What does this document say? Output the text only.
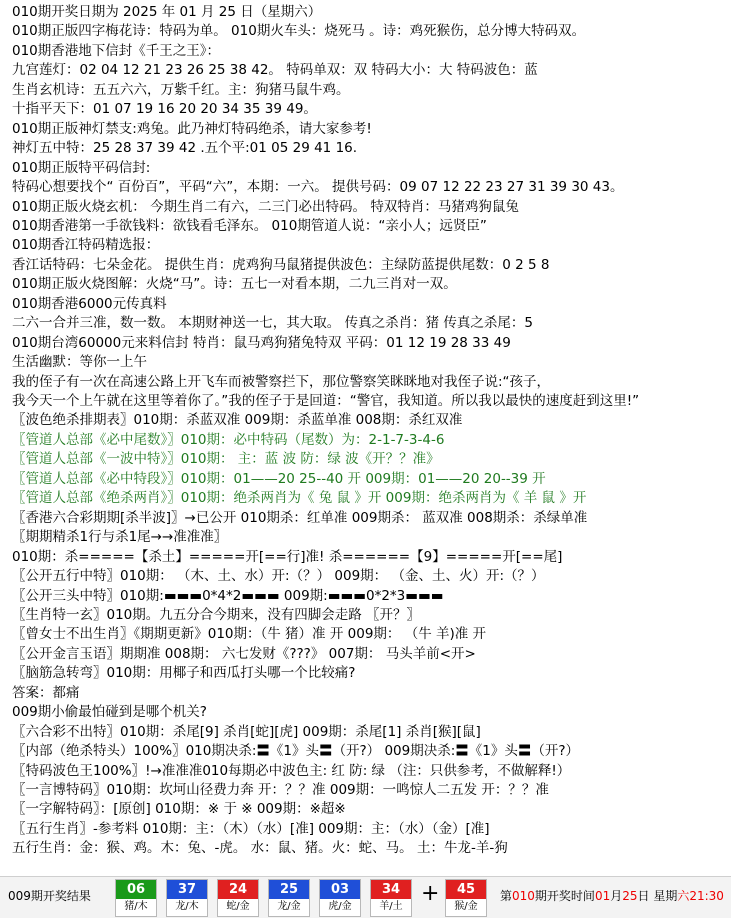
010期开奖日期为 2025 年 01 月 25 日（星期六）
010期正版四字梅花诗：特码为单。 010期火车头：烧死马 。诗：鸡死猴伤，总分博大特码双。
010期香港地下信封《千王之王》：
九宫莲灯：02 04 12 21 23 26 25 38 42。 特码单双：双 特码大小：大 特码波色：蓝
生肖玄机诗：五五六六，万紫千红。主：狗猪马鼠牛鸡。
十指平天下：01 07 19 16 20 20 34 35 39 49。
010期正版神灯禁支:鸡兔。此乃神灯特码绝杀，请大家参考!
神灯五中特：25 28 37 39 42 .五个平:01 05 29 41 16.
010期正版特平码信封:
特码心想要找个“ 百份百”，平码“六”，本期：一六。 提供号码：09 07 12 22 23 27 31 39 30 43。
010期正版火烧玄机： 今期生肖二有六，二三门必出特码。 特双特肖：马猪鸡狗鼠兔
010期香港第一手欲钱料：欲钱看毛泽东。 010期管道人说：“亲小人；远贤臣”
010期香江特码精选报：
香江话特码：七朵金花。 提供生肖：虎鸡狗马鼠猪提供波色：主绿防蓝提供尾数：0 2 5 8
010期正版火烧图解：火烧“马”。诗：五七一对看本期，二九三肖对一双。
010期香港6000元传真料
二六一合并三准，数一数。 本期财神送一七，其大取。 传真之杀肖：猪 传真之杀尾：5
010期台湾60000元来料信封 特肖：鼠马鸡狗猪兔特双 平码：01 12 19 28 33 49
生活幽默：等你一上午
我的侄子有一次在高速公路上开飞车而被警察拦下，那位警察笑眯眯地对我侄子说:“孩子，
我今天一个上午就在这里等着你了。”我的侄子于是回道：“警官，我知道。所以我以最快的速度赶到这里!”
〖波色绝杀排期表〗010期：杀蓝双准 009期：杀蓝单准 008期：杀红双准
〖管道人总部《必中尾数》〗010期：必中特码（尾数）为：2-1-7-3-4-6
〖管道人总部《一波中特》〗010期： 主：蓝 波 防：绿 波《开？？准》
〖管道人总部《必中特段》〗010期：01——20 25--40 开 009期：01——20 20--39 开
〖管道人总部《绝杀两肖》〗010期：绝杀两肖为《 兔 鼠 》开 009期：绝杀两肖为《 羊 鼠 》开
〖香港六合彩期期[杀半波]〗→已公开 010期杀：红单准 009期杀： 蓝双准 008期杀：杀绿单准
〖期期精杀1行与杀1尾→→准准准〗
010期：杀=====【杀土】=====开[==行]准! 杀======【9】=====开[==尾]
〖公开五行中特〗010期： （木、土、水）开:（？） 009期： （金、土、火）开:（？）
〖公开三头中特〗010期:▬▬▬0*4*2▬▬▬ 009期:▬▬▬0*2*3▬▬▬
〖生肖特一玄〗010期。九五分合今期来，没有四脚会走路 〖开？〗
〖曾女士不出生肖〗《期期更新》010期：（牛 猪）准 开 009期： （牛 羊)准 开
〖公开金言玉语〗期期准 008期： 六七发财《???》 007期： 马头羊前<开>
〖脑筋急转弯〗010期：用椰子和西瓜打头哪一个比较痛?
答案：都痛
009期小偷最怕碰到是哪个机关?
〖六合彩不出特〗010期：杀尾[9] 杀肖[蛇][虎] 009期：杀尾[1] 杀肖[猴][鼠]
〖内部（绝杀特头）100%〗010期决杀:〓《1》头〓（开?） 009期决杀:〓《1》头〓（开?）
〖特码波色王100%〗!→准准准010每期必中波色主: 红 防: 绿 （注：只供参考，不做解释!）
〖一言博特码〗010期：坎坷山径费力奔 开：？？准 009期：一鸣惊人二五发 开：？？准
〖一字解特码〗：[原创] 010期：※ 于 ※ 009期：※超※
〖五行生肖〗-参考料 010期：主：（木）（水）[准] 009期：主：（水）（金）[准]
五行生肖：金：猴、鸡。木：兔、-虎。 水：鼠、猪。火：蛇、马。 土：牛龙-羊-狗
009期开奖结果	06
猪/木
37
龙/木
24
蛇/金
25
龙/金
03
虎/金
34
羊/土
45
猴/金
+	第010期开奖时间01月25日 星期六21:30
